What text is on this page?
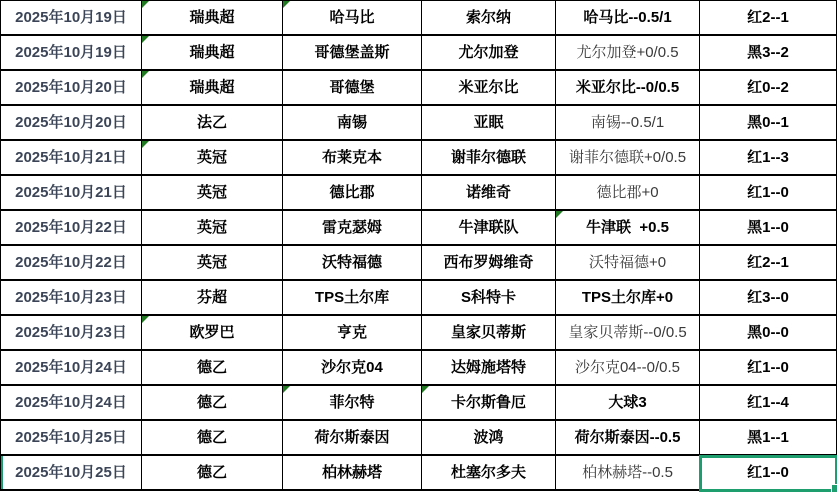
2025年10月19日	瑞典超	哈马比	索尔纳	哈马比--0.5/1	红2--1
2025年10月19日	瑞典超	哥德堡盖斯	尤尔加登	尤尔加登+0/0.5	黑3--2
2025年10月20日	瑞典超	哥德堡	米亚尔比	米亚尔比--0/0.5	红0--2
2025年10月20日	法乙	南锡	亚眠	南锡--0.5/1	黑0--1
2025年10月21日	英冠	布莱克本	谢菲尔德联	谢菲尔德联+0/0.5	红1--3
2025年10月21日	英冠	德比郡	诺维奇	德比郡+0	红1--0
2025年10月22日	英冠	雷克瑟姆	牛津联队	牛津联  +0.5	黑1--0
2025年10月22日	英冠	沃特福德	西布罗姆维奇	沃特福德+0	红2--1
2025年10月23日	芬超	TPS土尔库	S科特卡	TPS土尔库+0	红3--0
2025年10月23日	欧罗巴	亨克	皇家贝蒂斯	皇家贝蒂斯--0/0.5	黑0--0
2025年10月24日	德乙	沙尔克04	达姆施塔特	沙尔克04--0/0.5	红1--0
2025年10月24日	德乙	菲尔特	卡尔斯鲁厄	大球3	红1--4
2025年10月25日	德乙	荷尔斯泰因	波鸿	荷尔斯泰因--0.5	黑1--1
2025年10月25日	德乙	柏林赫塔	杜塞尔多夫	柏林赫塔--0.5	红1--0
